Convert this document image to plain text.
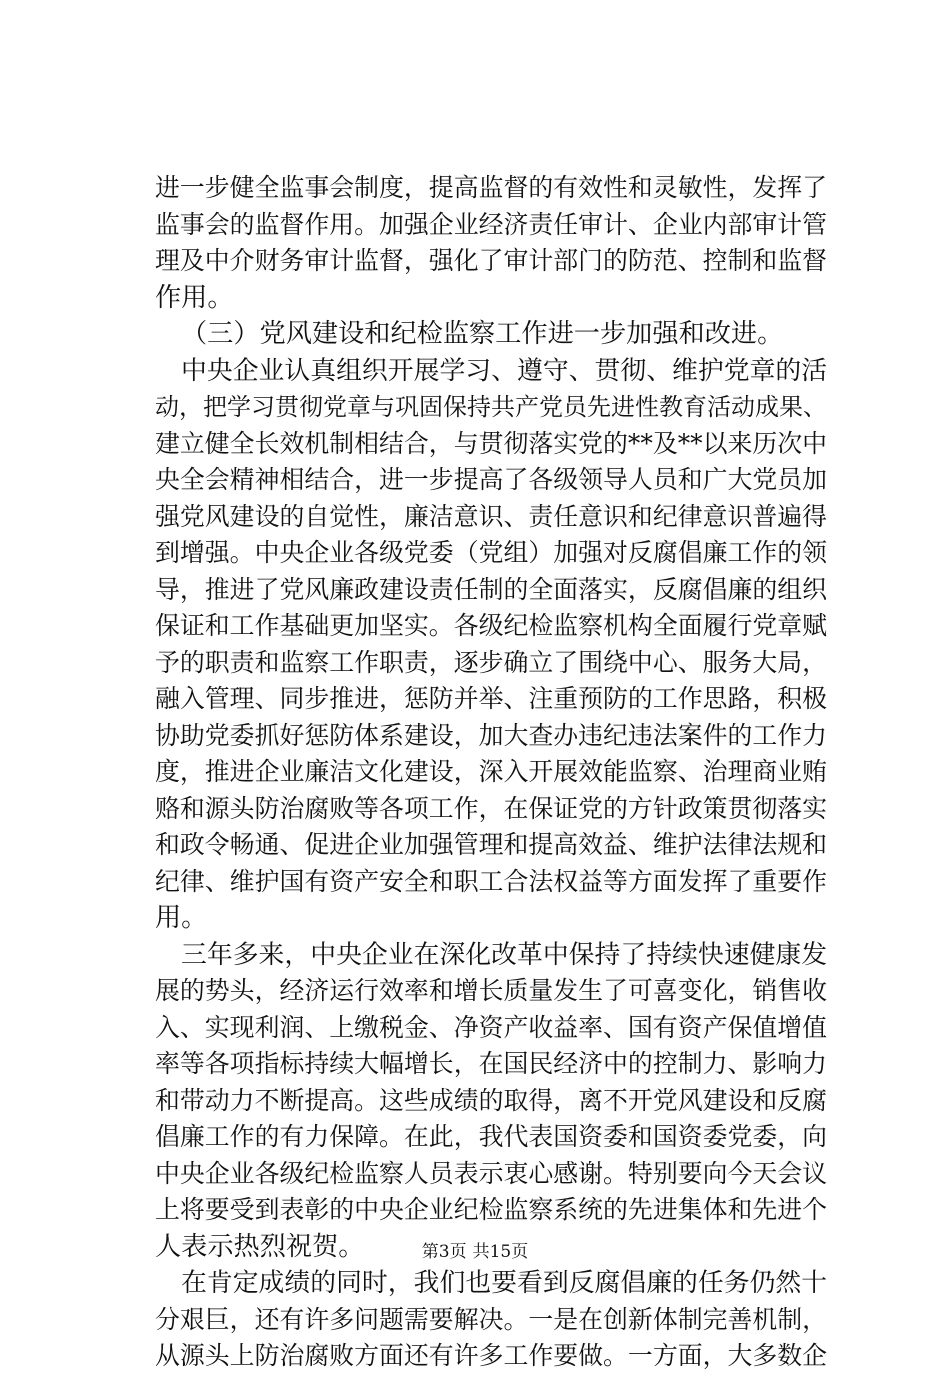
进一步健全监事会制度，提高监督的有效性和灵敏性，发挥了
监事会的监督作用。加强企业经济责任审计、企业内部审计管
理及中介财务审计监督，强化了审计部门的防范、控制和监督
作用。
（三）党风建设和纪检监察工作进一步加强和改进。
中央企业认真组织开展学习、遵守、贯彻、维护党章的活
动，把学习贯彻党章与巩固保持共产党员先进性教育活动成果、
建立健全长效机制相结合，与贯彻落实党的**及**以来历次中
央全会精神相结合，进一步提高了各级领导人员和广大党员加
强党风建设的自觉性，廉洁意识、责任意识和纪律意识普遍得
到增强。中央企业各级党委（党组）加强对反腐倡廉工作的领
导，推进了党风廉政建设责任制的全面落实，反腐倡廉的组织
保证和工作基础更加坚实。各级纪检监察机构全面履行党章赋
予的职责和监察工作职责，逐步确立了围绕中心、服务大局，
融入管理、同步推进，惩防并举、注重预防的工作思路，积极
协助党委抓好惩防体系建设，加大查办违纪违法案件的工作力
度，推进企业廉洁文化建设，深入开展效能监察、治理商业贿
赂和源头防治腐败等各项工作，在保证党的方针政策贯彻落实
和政令畅通、促进企业加强管理和提高效益、维护法律法规和
纪律、维护国有资产安全和职工合法权益等方面发挥了重要作
用。
三年多来，中央企业在深化改革中保持了持续快速健康发
展的势头，经济运行效率和增长质量发生了可喜变化，销售收
入、实现利润、上缴税金、净资产收益率、国有资产保值增值
率等各项指标持续大幅增长，在国民经济中的控制力、影响力
和带动力不断提高。这些成绩的取得，离不开党风建设和反腐
倡廉工作的有力保障。在此，我代表国资委和国资委党委，向
中央企业各级纪检监察人员表示衷心感谢。特别要向今天会议
上将要受到表彰的中央企业纪检监察系统的先进集体和先进个
人表示热烈祝贺。
在肯定成绩的同时，我们也要看到反腐倡廉的任务仍然十
分艰巨，还有许多问题需要解决。一是在创新体制完善机制，
从源头上防治腐败方面还有许多工作要做。一方面，大多数企
第3页 共15页
